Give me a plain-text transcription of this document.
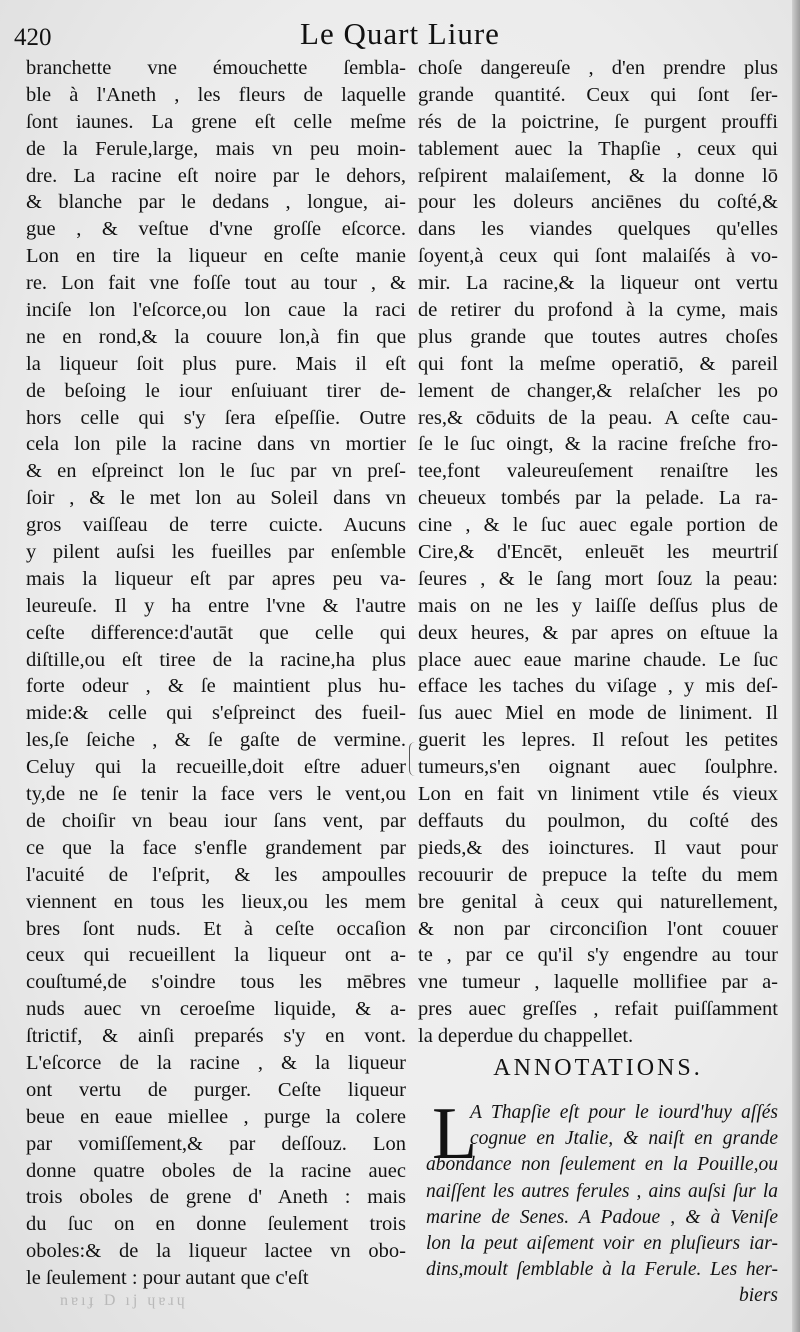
420	Le Quart Liure
branchette vne émouchette ſembla-
ble à l'Aneth , les fleurs de laquelle
ſont iaunes. La grene eſt celle meſme
de la Ferule,large, mais vn peu moin-
dre. La racine eſt noire par le dehors,
& blanche par le dedans , longue, ai-
gue , & veſtue d'vne groſſe eſcorce.
Lon en tire la liqueur en ceſte manie
re. Lon fait vne foſſe tout au tour , &
inciſe lon l'eſcorce,ou lon caue la raci
ne en rond,& la couure lon,à fin que
la liqueur ſoit plus pure. Mais il eſt
de beſoing le iour enſuiuant tirer de-
hors celle qui s'y ſera eſpeſſie. Outre
cela lon pile la racine dans vn mortier
& en eſpreinct lon le ſuc par vn preſ-
ſoir , & le met lon au Soleil dans vn
gros vaiſſeau de terre cuicte. Aucuns
y pilent auſsi les fueilles par enſemble
mais la liqueur eſt par apres peu va-
leureuſe. Il y ha entre l'vne & l'autre
ceſte difference:d'autāt que celle qui
diſtille,ou eſt tiree de la racine,ha plus
forte odeur , & ſe maintient plus hu-
mide:& celle qui s'eſpreinct des fueil-
les,ſe ſeiche , & ſe gaſte de vermine.
Celuy qui la recueille,doit eſtre aduer
ty,de ne ſe tenir la face vers le vent,ou
de choiſir vn beau iour ſans vent, par
ce que la face s'enfle grandement par
l'acuité de l'eſprit, & les ampoulles
viennent en tous les lieux,ou les mem
bres ſont nuds. Et à ceſte occaſion
ceux qui recueillent la liqueur ont a-
couſtumé,de s'oindre tous les mēbres
nuds auec vn ceroeſme liquide, & a-
ſtrictif, & ainſi preparés s'y en vont.
L'eſcorce de la racine , & la liqueur
ont vertu de purger. Ceſte liqueur
beue en eaue miellee , purge la colere
par vomiſſement,& par deſſouz. Lon
donne quatre oboles de la racine auec
trois oboles de grene d' Aneth : mais
du ſuc on en donne ſeulement trois
oboles:& de la liqueur lactee vn obo-
le ſeulement : pour autant que c'eſt
choſe dangereuſe , d'en prendre plus
grande quantité. Ceux qui ſont ſer-
rés de la poictrine, ſe purgent prouffi
tablement auec la Thapſie , ceux qui
reſpirent malaiſement, & la donne lō
pour les doleurs anciēnes du coſté,&
dans les viandes quelques qu'elles
ſoyent,à ceux qui ſont malaiſés à vo-
mir. La racine,& la liqueur ont vertu
de retirer du profond à la cyme, mais
plus grande que toutes autres choſes
qui font la meſme operatiō, & pareil
lement de changer,& relaſcher les po
res,& cōduits de la peau. A ceſte cau-
ſe le ſuc oingt, & la racine freſche fro-
tee,font valeureuſement renaiſtre les
cheueux tombés par la pelade. La ra-
cine , & le ſuc auec egale portion de
Cire,& d'Encēt, enleuēt les meurtriſ
ſeures , & le ſang mort ſouz la peau:
mais on ne les y laiſſe deſſus plus de
deux heures, & par apres on eſtuue la
place auec eaue marine chaude. Le ſuc
efface les taches du viſage , y mis deſ-
ſus auec Miel en mode de liniment. Il
guerit les lepres. Il reſout les petites
tumeurs,s'en oignant auec ſoulphre.
Lon en fait vn liniment vtile és vieux
deffauts du poulmon, du coſté des
pieds,& des ioinctures. Il vaut pour
recouurir de prepuce la teſte du mem
bre genital à ceux qui naturellement,
& non par circonciſion l'ont couuer
te , par ce qu'il s'y engendre au tour
vne tumeur , laquelle mollifiee par a-
pres auec greſſes , refait puiſſamment
la deperdue du chappellet.
ANNOTATIONS.
L
A Thapſie eſt pour le iourd'huy aſſés
cognue en Jtalie, & naiſt en grande
abondance non ſeulement en la Pouille,ou
naiſſent les autres ferules , ains auſsi ſur la
marine de Senes. A Padoue , & à Veniſe
lon la peut aiſement voir en pluſieurs iar-
dins,moult ſemblable à la Ferule. Les her-
biers
nɐıɟ D ıj ɥɐɹɥ
